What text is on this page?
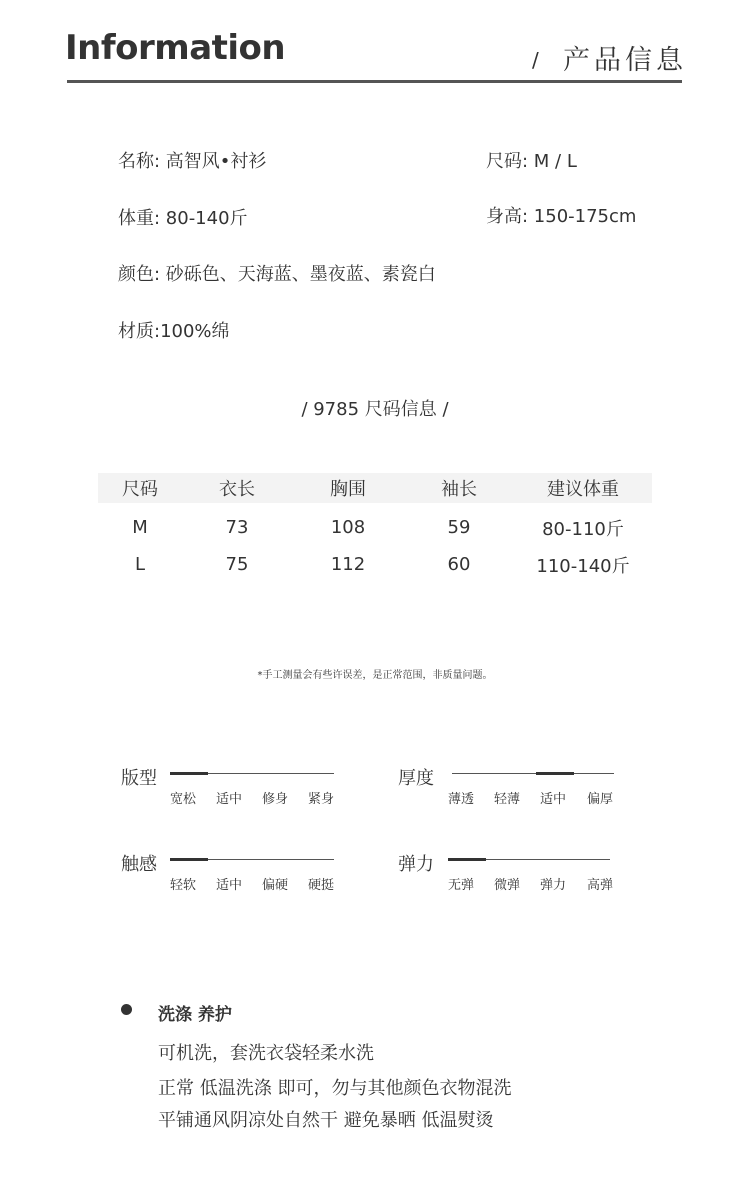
Information	/ 产品信息
名称: 高智风•衬衫	尺码: M / L
体重: 80-140斤	身高: 150-175cm
颜色: 砂砾色、天海蓝、墨夜蓝、素瓷白
材质:100%绵
/ 9785 尺码信息 /
尺码	衣长	胸围	袖长	建议体重
M	73	108	59	80-110斤
L	75	112	60	110-140斤
*手工测量会有些许误差，是正常范围，非质量问题。
版型
宽松 适中 修身 紧身
厚度
薄透 轻薄 适中 偏厚
触感
轻软 适中 偏硬 硬挺
弹力
无弹 微弹 弹力 高弹
洗涤 养护
可机洗，套洗衣袋轻柔水洗
正常 低温洗涤 即可，勿与其他颜色衣物混洗
平铺通风阴凉处自然干 避免暴晒 低温熨烫
